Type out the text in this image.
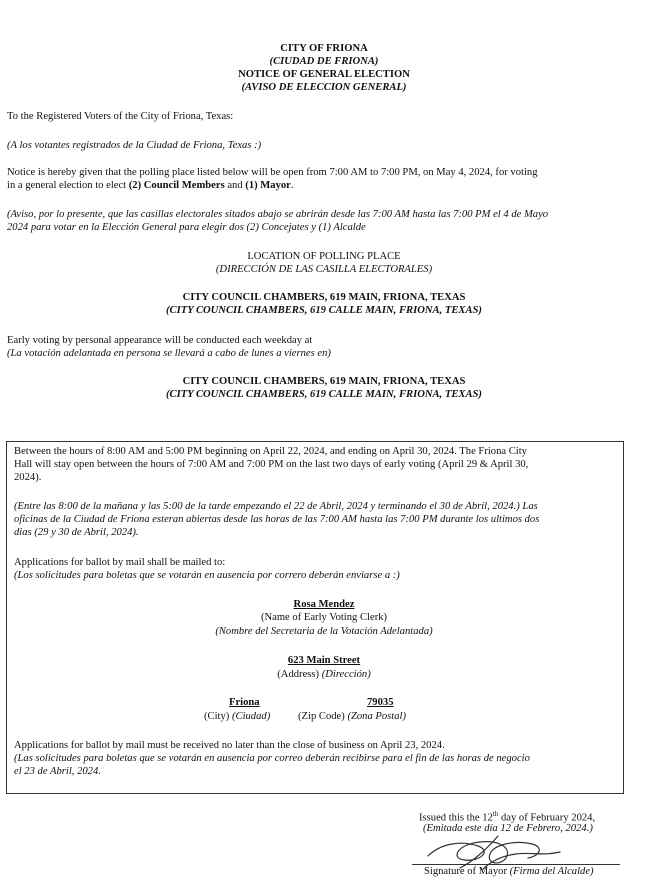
CITY OF FRIONA
(CIUDAD DE FRIONA)
NOTICE OF GENERAL ELECTION
(AVISO DE ELECCION GENERAL)
To the Registered Voters of the City of Friona, Texas:
(A los votantes registrados de la Ciudad de Friona, Texas :)
Notice is hereby given that the polling place listed below will be open from 7:00 AM to 7:00 PM, on May 4, 2024, for voting
in a general election to elect (2) Council Members and (1) Mayor.
(Aviso, por lo presente, que las casillas electorales sitados abajo se abrirán desde las 7:00 AM hasta las 7:00 PM el 4 de Mayo
2024 para votar en la Elección General para elegir dos (2) Concejates y (1) Alcalde
LOCATION OF POLLING PLACE
(DIRECCIÓN DE LAS CASILLA ELECTORALES)
CITY COUNCIL CHAMBERS, 619 MAIN, FRIONA, TEXAS
(CITY COUNCIL CHAMBERS, 619 CALLE MAIN, FRIONA, TEXAS)
Early voting by personal appearance will be conducted each weekday at
(La votación adelantada en persona se llevará a cabo de lunes a viernes en)
CITY COUNCIL CHAMBERS, 619 MAIN, FRIONA, TEXAS
(CITY COUNCIL CHAMBERS, 619 CALLE MAIN, FRIONA, TEXAS)
Between the hours of 8:00 AM and 5:00 PM beginning on April 22, 2024, and ending on April 30, 2024. The Friona City
Hall will stay open between the hours of 7:00 AM and 7:00 PM on the last two days of early voting (April 29 & April 30,
2024).
(Entre las 8:00 de la mañana y las 5:00 de la tarde empezando el 22 de Abril, 2024 y terminando el 30 de Abril, 2024.) Las
oficinas de la Ciudad de Friona esteran abiertas desde las horas de las 7:00 AM hasta las 7:00 PM durante los ultimos dos
dias (29 y 30 de Abril, 2024).
Applications for ballot by mail shall be mailed to:
(Los solicitudes para boletas que se votarán en ausencia por correro deberán enviarse a :)
Rosa Mendez
(Name of Early Voting Clerk)
(Nombre del Secretaria de la Votación Adelantada)
623 Main Street
(Address) (Dirección)
Friona	79035
(City) (Ciudad)	(Zip Code) (Zona Postal)
Applications for ballot by mail must be received no later than the close of business on April 23, 2024.
(Las solicitudes para boletas que se votarán en ausencia por correo deberán recibirse para el fin de las horas de negocio
el 23 de Abril, 2024.
Issued this the 12th day of February 2024,
(Emitada este día 12 de Febrero, 2024.)
Signature of Mayor (Firma del Alcalde)
